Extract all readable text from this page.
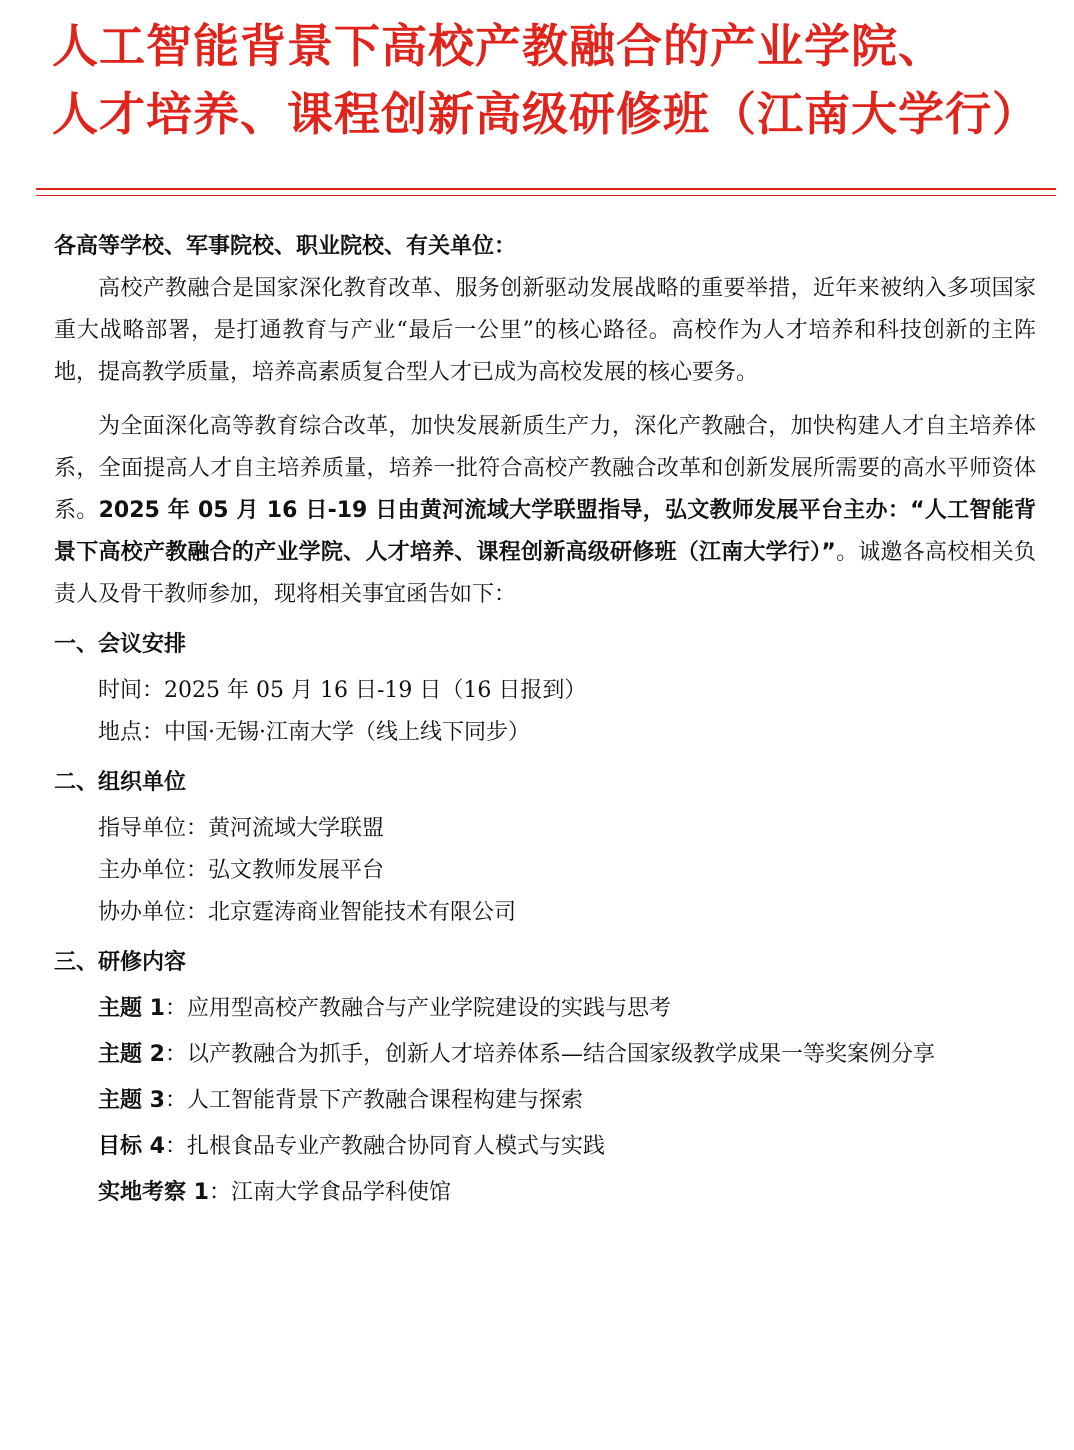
人工智能背景下高校产教融合的产业学院、
人才培养、课程创新高级研修班（江南大学行）

各高等学校、军事院校、职业院校、有关单位：

高校产教融合是国家深化教育改革、服务创新驱动发展战略的重要举措，近年来被纳入多项国家重大战略部署，是打通教育与产业“最后一公里”的核心路径。高校作为人才培养和科技创新的主阵地，提高教学质量，培养高素质复合型人才已成为高校发展的核心要务。

为全面深化高等教育综合改革，加快发展新质生产力，深化产教融合，加快构建人才自主培养体系，全面提高人才自主培养质量，培养一批符合高校产教融合改革和创新发展所需要的高水平师资体系。2025 年 05 月 16 日-19 日由黄河流域大学联盟指导，弘文教师发展平台主办：“人工智能背景下高校产教融合的产业学院、人才培养、课程创新高级研修班（江南大学行）”。诚邀各高校相关负责人及骨干教师参加，现将相关事宜函告如下：

一、会议安排

时间：2025 年 05 月 16 日-19 日（16 日报到）

地点：中国·无锡·江南大学（线上线下同步）

二、组织单位

指导单位：黄河流域大学联盟

主办单位：弘文教师发展平台

协办单位：北京霆涛商业智能技术有限公司

三、研修内容

主题 1：应用型高校产教融合与产业学院建设的实践与思考

主题 2：以产教融合为抓手，创新人才培养体系—结合国家级教学成果一等奖案例分享

主题 3：人工智能背景下产教融合课程构建与探索

目标 4：扎根食品专业产教融合协同育人模式与实践

实地考察 1：江南大学食品学科使馆
